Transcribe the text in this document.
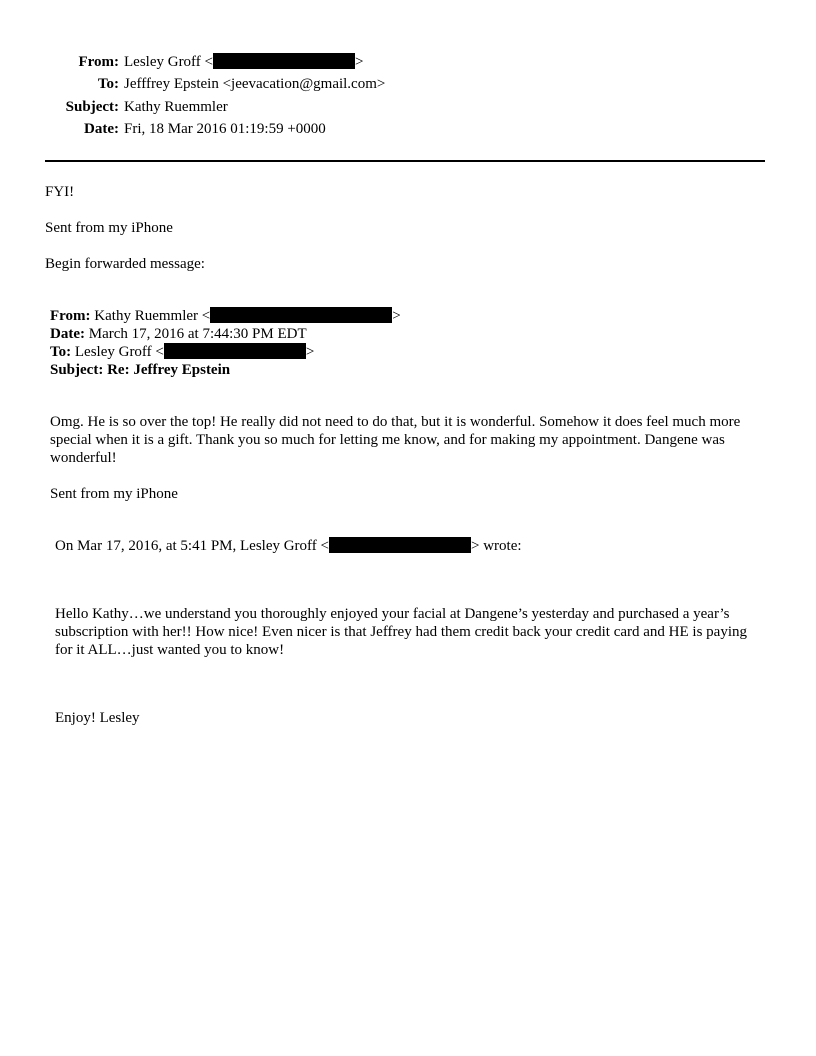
From: Lesley Groff <	>
To: Jefffrey Epstein <jeevacation@gmail.com>
Subject: Kathy Ruemmler
Date: Fri, 18 Mar 2016 01:19:59 +0000
FYI!
Sent from my iPhone
Begin forwarded message:
From: Kathy Ruemmler <	>
Date: March 17, 2016 at 7:44:30 PM EDT
To: Lesley Groff <	>
Subject: Re: Jeffrey Epstein
Omg. He is so over the top! He really did not need to do that, but it is wonderful. Somehow it does feel much more special when it is a gift. Thank you so much for letting me know, and for making my appointment. Dangene was wonderful!
Sent from my iPhone
On Mar 17, 2016, at 5:41 PM, Lesley Groff <	> wrote:
Hello Kathy…we understand you thoroughly enjoyed your facial at Dangene’s yesterday and purchased a year’s subscription with her!! How nice! Even nicer is that Jeffrey had them credit back your credit card and HE is paying for it ALL…just wanted you to know!
Enjoy! Lesley
